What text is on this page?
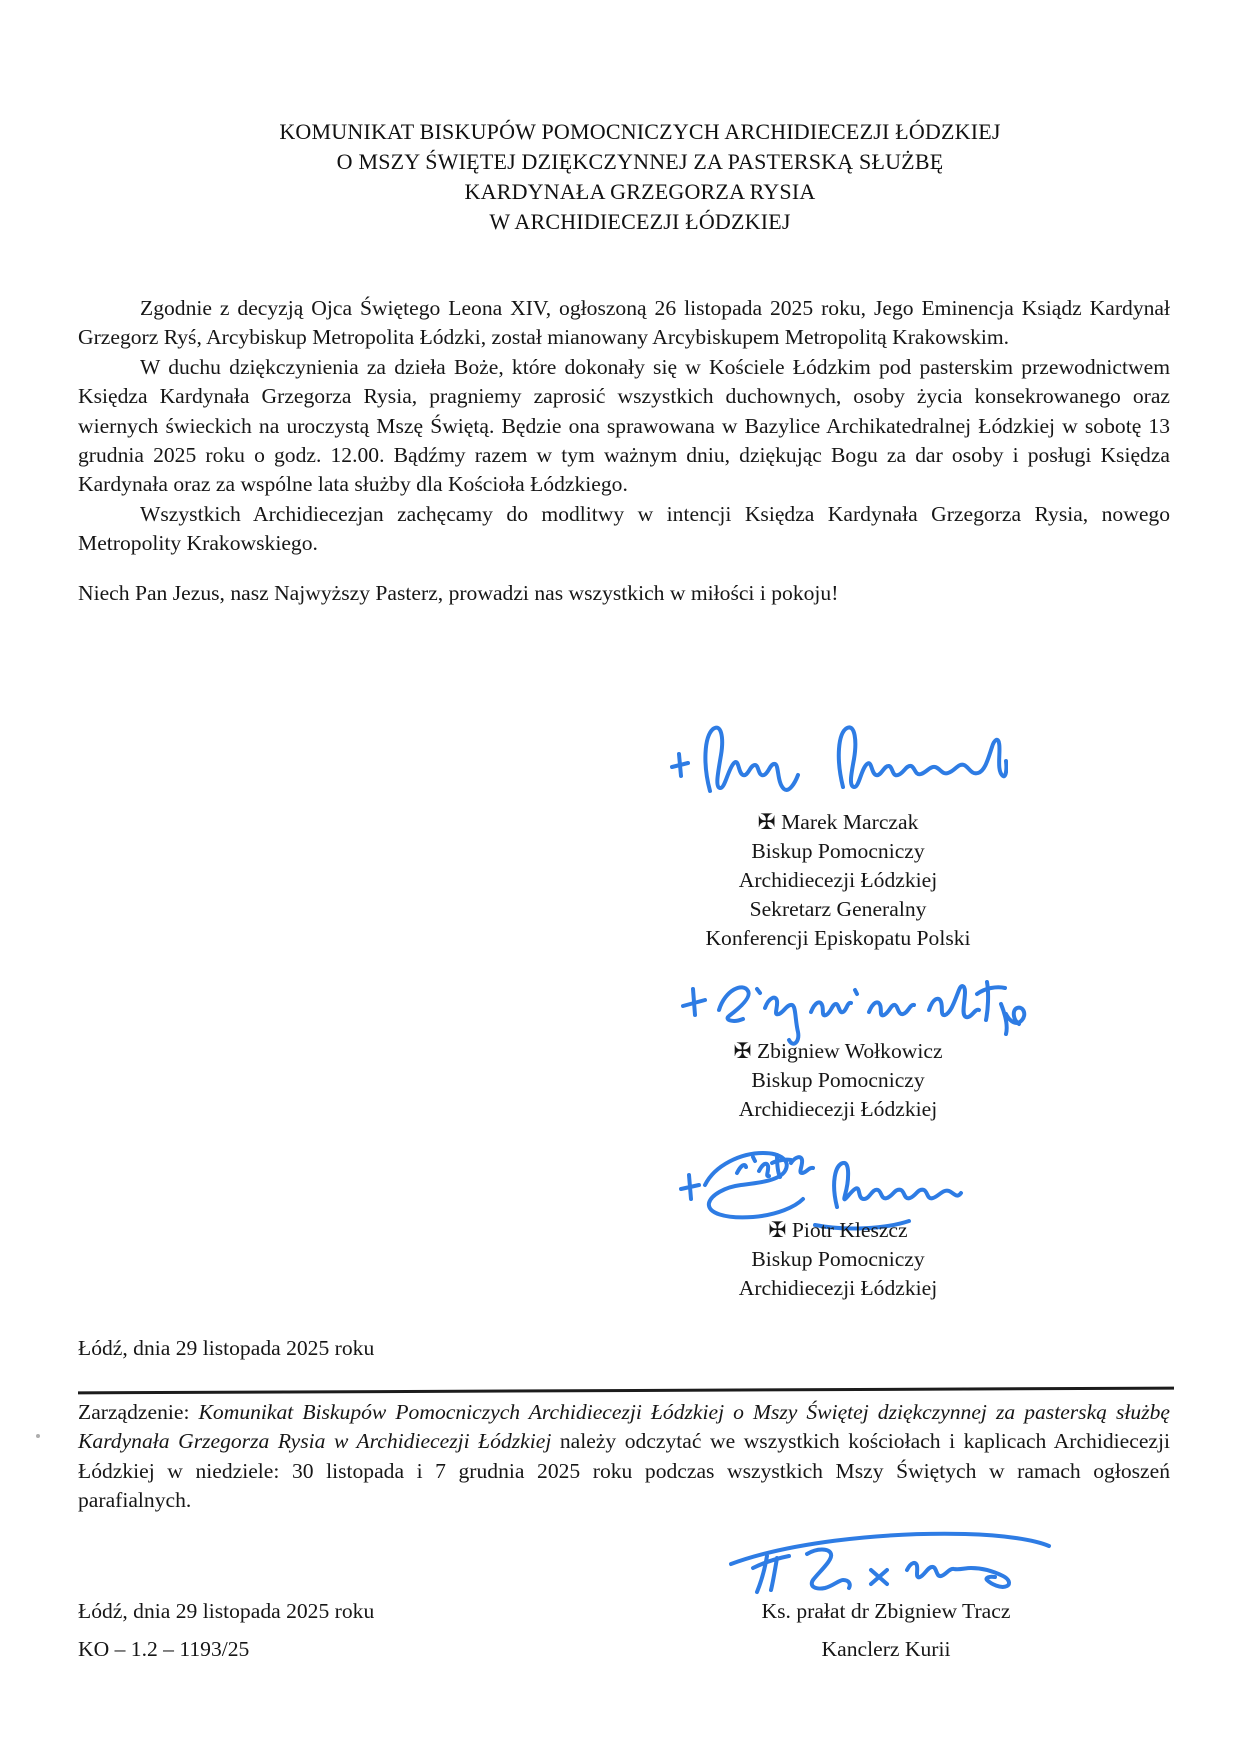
KOMUNIKAT BISKUPÓW POMOCNICZYCH ARCHIDIECEZJI ŁÓDZKIEJ
O MSZY ŚWIĘTEJ DZIĘKCZYNNEJ ZA PASTERSKĄ SŁUŻBĘ
KARDYNAŁA GRZEGORZA RYSIA
W ARCHIDIECEZJI ŁÓDZKIEJ

Zgodnie z decyzją Ojca Świętego Leona XIV, ogłoszoną 26 listopada 2025 roku, Jego Eminencja Ksiądz Kardynał Grzegorz Ryś, Arcybiskup Metropolita Łódzki, został mianowany Arcybiskupem Metropolitą Krakowskim.

W duchu dziękczynienia za dzieła Boże, które dokonały się w Kościele Łódzkim pod pasterskim przewodnictwem Księdza Kardynała Grzegorza Rysia, pragniemy zaprosić wszystkich duchownych, osoby życia konsekrowanego oraz wiernych świeckich na uroczystą Mszę Świętą. Będzie ona sprawowana w Bazylice Archikatedralnej Łódzkiej w sobotę 13 grudnia 2025 roku o godz. 12.00. Bądźmy razem w tym ważnym dniu, dziękując Bogu za dar osoby i posługi Księdza Kardynała oraz za wspólne lata służby dla Kościoła Łódzkiego.

Wszystkich Archidiecezjan zachęcamy do modlitwy w intencji Księdza Kardynała Grzegorza Rysia, nowego Metropolity Krakowskiego.

Niech Pan Jezus, nasz Najwyższy Pasterz, prowadzi nas wszystkich w miłości i pokoju!

✠ Marek Marczak
Biskup Pomocniczy
Archidiecezji Łódzkiej
Sekretarz Generalny
Konferencji Episkopatu Polski
✠ Zbigniew Wołkowicz
Biskup Pomocniczy
Archidiecezji Łódzkiej
✠ Piotr Kleszcz
Biskup Pomocniczy
Archidiecezji Łódzkiej
Łódź, dnia 29 listopada 2025 roku
Zarządzenie: Komunikat Biskupów Pomocniczych Archidiecezji Łódzkiej o Mszy Świętej dziękczynnej za pasterską służbę Kardynała Grzegorza Rysia w Archidiecezji Łódzkiej należy odczytać we wszystkich kościołach i kaplicach Archidiecezji Łódzkiej w niedziele: 30 listopada i 7 grudnia 2025 roku podczas wszystkich Mszy Świętych w ramach ogłoszeń parafialnych.
Łódź, dnia 29 listopada 2025 roku
KO – 1.2 – 1193/25
Ks. prałat dr Zbigniew Tracz
Kanclerz Kurii
